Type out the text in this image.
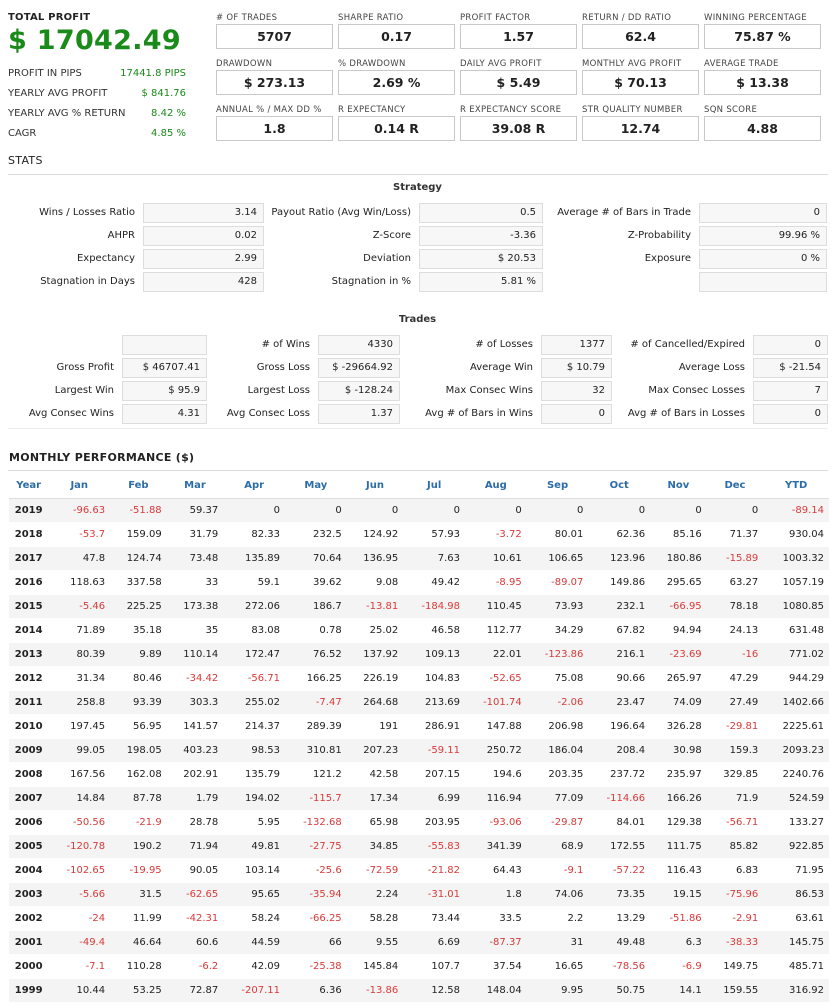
TOTAL PROFIT
$ 17042.49
PROFIT IN PIPS	17441.8 PIPS
YEARLY AVG PROFIT	$ 841.76
YEARLY AVG % RETURN	8.42 %
CAGR	4.85 %
# OF TRADES
5707
SHARPE RATIO
0.17
PROFIT FACTOR
1.57
RETURN / DD RATIO
62.4
WINNING PERCENTAGE
75.87 %
DRAWDOWN
$ 273.13
% DRAWDOWN
2.69 %
DAILY AVG PROFIT
$ 5.49
MONTHLY AVG PROFIT
$ 70.13
AVERAGE TRADE
$ 13.38
ANNUAL % / MAX DD %
1.8
R EXPECTANCY
0.14 R
R EXPECTANCY SCORE
39.08 R
STR QUALITY NUMBER
12.74
SQN SCORE
4.88
STATS
Strategy
Wins / Losses Ratio	3.14	Payout Ratio (Avg Win/Loss)	0.5	Average # of Bars in Trade	0
AHPR	0.02	Z-Score	-3.36	Z-Probability	99.96 %
Expectancy	2.99	Deviation	$ 20.53	Exposure	0 %
Stagnation in Days	428	Stagnation in %	5.81 %
Trades
# of Wins	4330	# of Losses	1377	# of Cancelled/Expired	0
Gross Profit	$ 46707.41	Gross Loss	$ -29664.92	Average Win	$ 10.79	Average Loss	$ -21.54
Largest Win	$ 95.9	Largest Loss	$ -128.24	Max Consec Wins	32	Max Consec Losses	7
Avg Consec Wins	4.31	Avg Consec Loss	1.37	Avg # of Bars in Wins	0	Avg # of Bars in Losses	0
MONTHLY PERFORMANCE ($)
Year	Jan	Feb	Mar	Apr	May	Jun	Jul	Aug	Sep	Oct	Nov	Dec	YTD
2019	-96.63	-51.88	59.37	0	0	0	0	0	0	0	0	0	-89.14
2018	-53.7	159.09	31.79	82.33	232.5	124.92	57.93	-3.72	80.01	62.36	85.16	71.37	930.04
2017	47.8	124.74	73.48	135.89	70.64	136.95	7.63	10.61	106.65	123.96	180.86	-15.89	1003.32
2016	118.63	337.58	33	59.1	39.62	9.08	49.42	-8.95	-89.07	149.86	295.65	63.27	1057.19
2015	-5.46	225.25	173.38	272.06	186.7	-13.81	-184.98	110.45	73.93	232.1	-66.95	78.18	1080.85
2014	71.89	35.18	35	83.08	0.78	25.02	46.58	112.77	34.29	67.82	94.94	24.13	631.48
2013	80.39	9.89	110.14	172.47	76.52	137.92	109.13	22.01	-123.86	216.1	-23.69	-16	771.02
2012	31.34	80.46	-34.42	-56.71	166.25	226.19	104.83	-52.65	75.08	90.66	265.97	47.29	944.29
2011	258.8	93.39	303.3	255.02	-7.47	264.68	213.69	-101.74	-2.06	23.47	74.09	27.49	1402.66
2010	197.45	56.95	141.57	214.37	289.39	191	286.91	147.88	206.98	196.64	326.28	-29.81	2225.61
2009	99.05	198.05	403.23	98.53	310.81	207.23	-59.11	250.72	186.04	208.4	30.98	159.3	2093.23
2008	167.56	162.08	202.91	135.79	121.2	42.58	207.15	194.6	203.35	237.72	235.97	329.85	2240.76
2007	14.84	87.78	1.79	194.02	-115.7	17.34	6.99	116.94	77.09	-114.66	166.26	71.9	524.59
2006	-50.56	-21.9	28.78	5.95	-132.68	65.98	203.95	-93.06	-29.87	84.01	129.38	-56.71	133.27
2005	-120.78	190.2	71.94	49.81	-27.75	34.85	-55.83	341.39	68.9	172.55	111.75	85.82	922.85
2004	-102.65	-19.95	90.05	103.14	-25.6	-72.59	-21.82	64.43	-9.1	-57.22	116.43	6.83	71.95
2003	-5.66	31.5	-62.65	95.65	-35.94	2.24	-31.01	1.8	74.06	73.35	19.15	-75.96	86.53
2002	-24	11.99	-42.31	58.24	-66.25	58.28	73.44	33.5	2.2	13.29	-51.86	-2.91	63.61
2001	-49.4	46.64	60.6	44.59	66	9.55	6.69	-87.37	31	49.48	6.3	-38.33	145.75
2000	-7.1	110.28	-6.2	42.09	-25.38	145.84	107.7	37.54	16.65	-78.56	-6.9	149.75	485.71
1999	10.44	53.25	72.87	-207.11	6.36	-13.86	12.58	148.04	9.95	50.75	14.1	159.55	316.92
